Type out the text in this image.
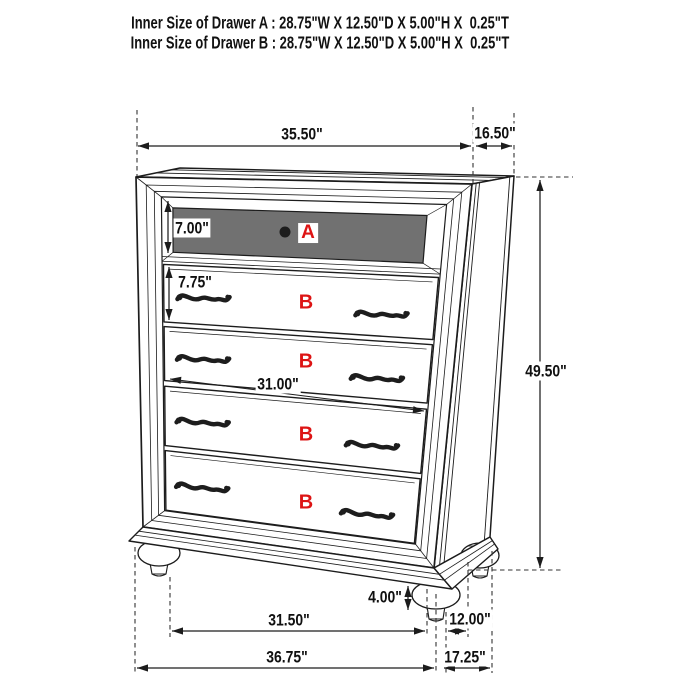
Inner Size of Drawer A : 28.75"W X 12.50"D X 5.00"H X  0.25"T
Inner Size of Drawer B : 28.75"W X 12.50"D X 5.00"H X  0.25"T
35.50"	16.50"
7.00"
7.75"
31.00"
49.50"
4.00"
31.50"	12.00"
36.75"	17.25"
A
B
B
B
B
